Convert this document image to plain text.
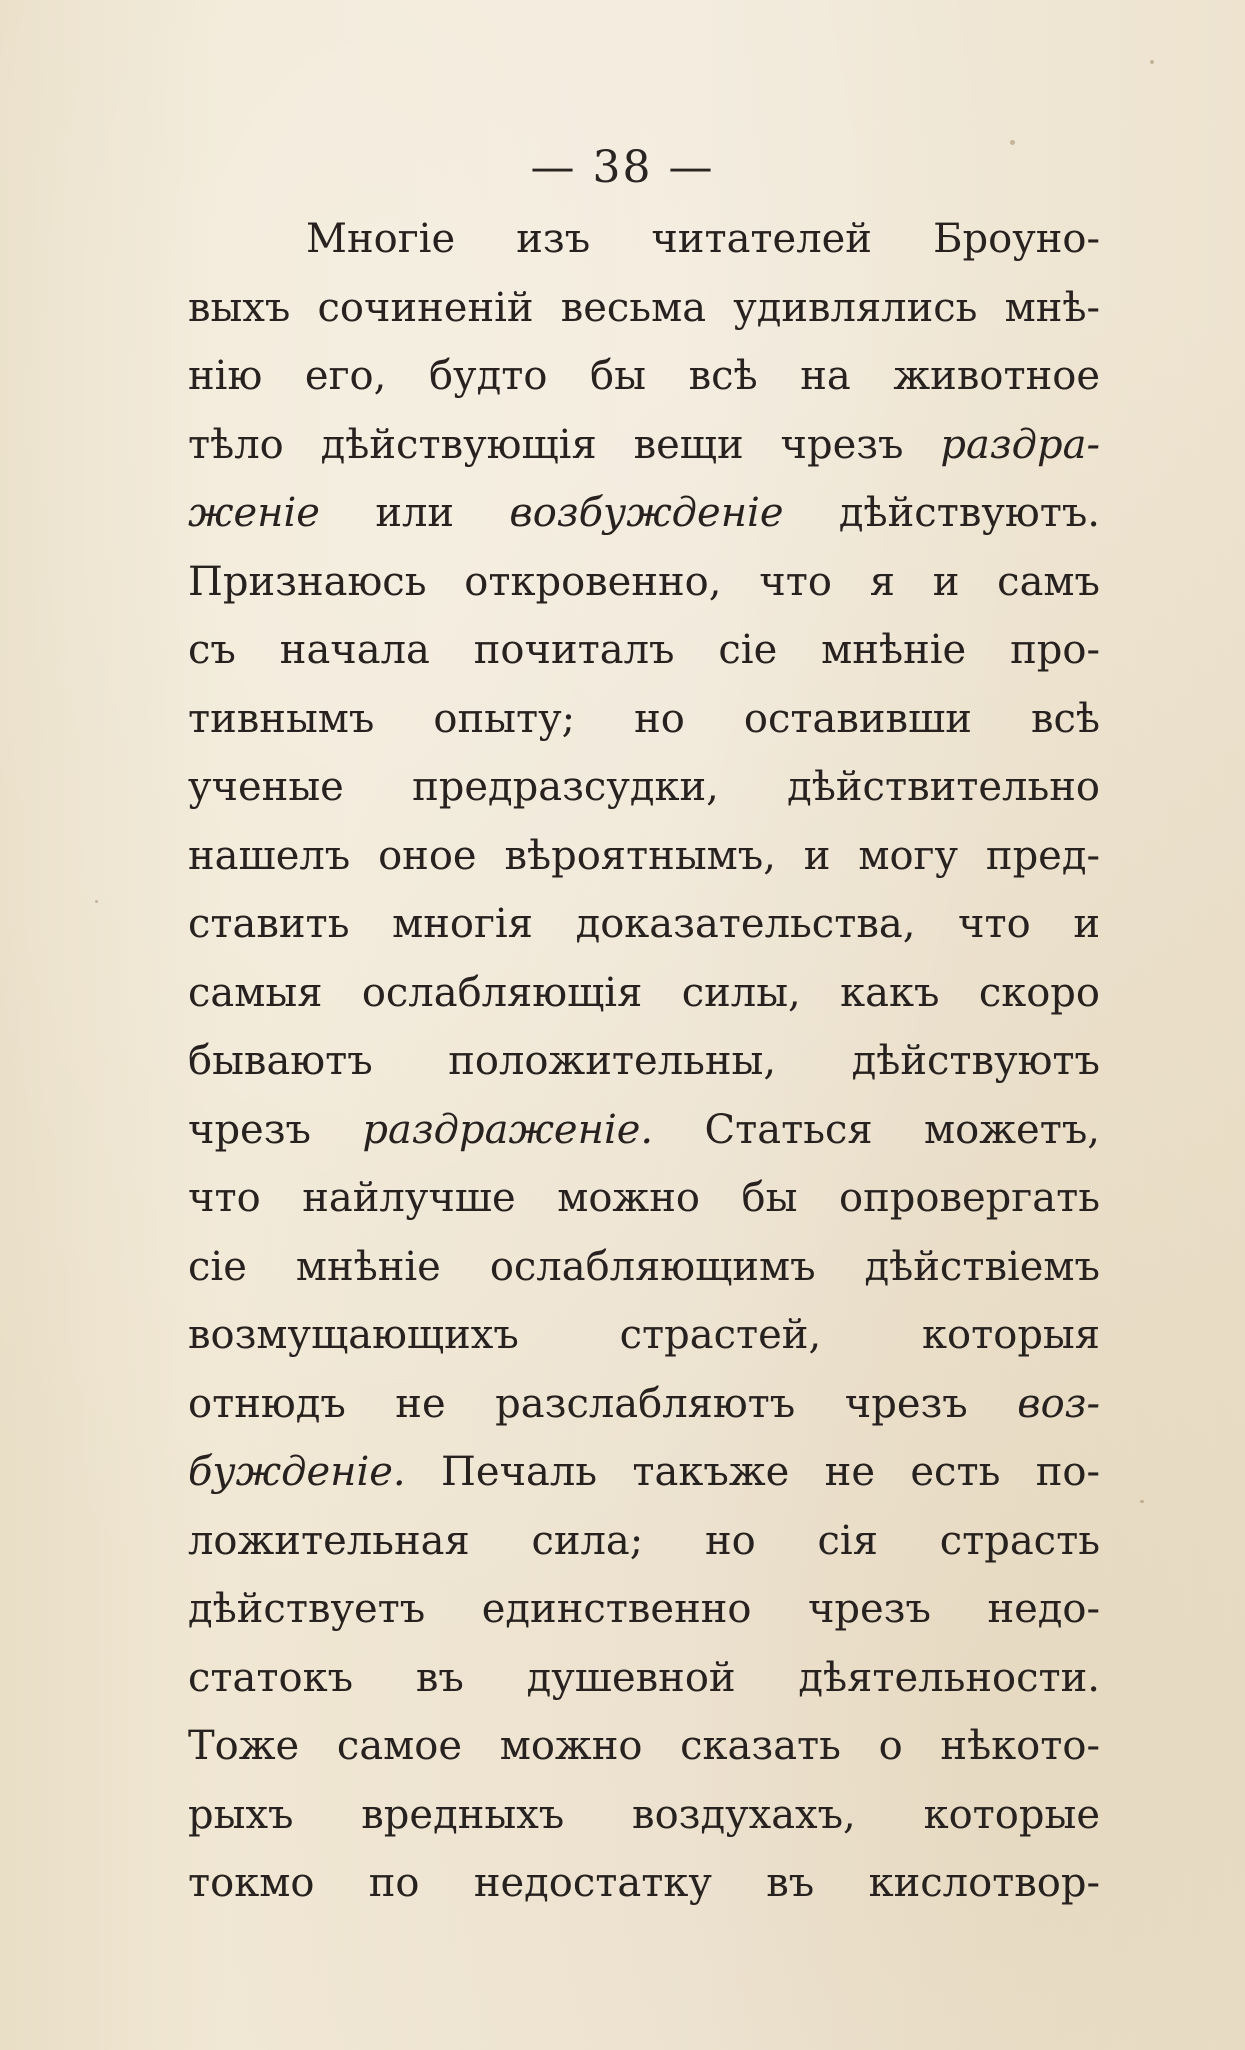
— 38 —
Многіе изъ читателей Броуно-
выхъ сочиненій весьма удивлялись мнѣ-
нію его, будто бы всѣ на животное
тѣло дѣйствующія вещи чрезъ раздра-
женіе или возбужденіе дѣйствуютъ.
Признаюсь откровенно, что я и самъ
съ начала почиталъ сіе мнѣніе про-
тивнымъ опыту; но оставивши всѣ
ученые предразсудки, дѣйствительно
нашелъ оное вѣроятнымъ, и могу пред-
ставить многія доказательства, что и
самыя ослабляющія силы, какъ скоро
бываютъ положительны, дѣйствуютъ
чрезъ раздраженіе. Статься можетъ,
что найлучше можно бы опровергать
сіе мнѣніе ослабляющимъ дѣйствіемъ
возмущающихъ страстей, которыя
отнюдъ не разслабляютъ чрезъ воз-
бужденіе. Печаль такъже не есть по-
ложительная сила; но сія страсть
дѣйствуетъ единственно чрезъ недо-
статокъ въ душевной дѣятельности.
Тоже самое можно сказать о нѣкото-
рыхъ вредныхъ воздухахъ, которые
токмо по недостатку въ кислотвор-
